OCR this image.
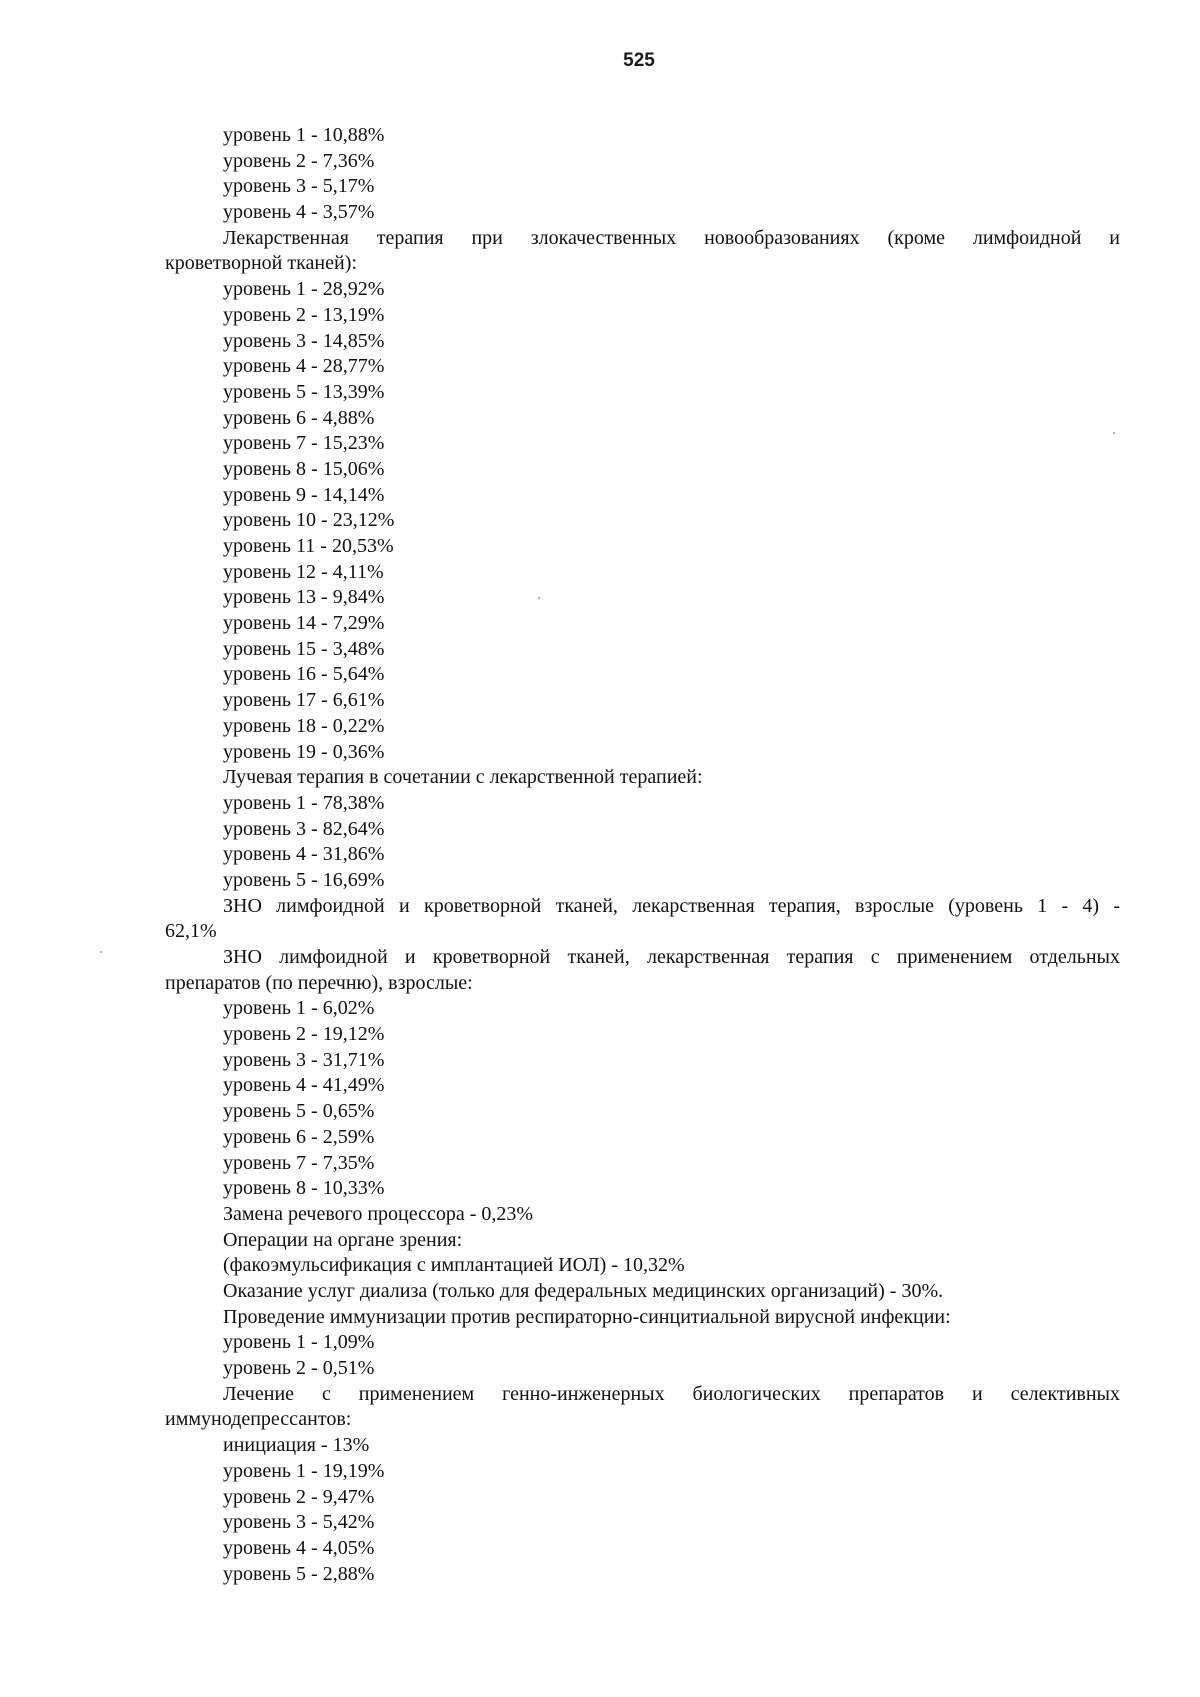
525
уровень 1 - 10,88%
уровень 2 - 7,36%
уровень 3 - 5,17%
уровень 4 - 3,57%
Лекарственная терапия при злокачественных новообразованиях (кроме лимфоидной и
кроветворной тканей):
уровень 1 - 28,92%
уровень 2 - 13,19%
уровень 3 - 14,85%
уровень 4 - 28,77%
уровень 5 - 13,39%
уровень 6 - 4,88%
уровень 7 - 15,23%
уровень 8 - 15,06%
уровень 9 - 14,14%
уровень 10 - 23,12%
уровень 11 - 20,53%
уровень 12 - 4,11%
уровень 13 - 9,84%
уровень 14 - 7,29%
уровень 15 - 3,48%
уровень 16 - 5,64%
уровень 17 - 6,61%
уровень 18 - 0,22%
уровень 19 - 0,36%
Лучевая терапия в сочетании с лекарственной терапией:
уровень 1 - 78,38%
уровень 3 - 82,64%
уровень 4 - 31,86%
уровень 5 - 16,69%
ЗНО лимфоидной и кроветворной тканей, лекарственная терапия, взрослые (уровень 1 - 4) -
62,1%
ЗНО лимфоидной и кроветворной тканей, лекарственная терапия с применением отдельных
препаратов (по перечню), взрослые:
уровень 1 - 6,02%
уровень 2 - 19,12%
уровень 3 - 31,71%
уровень 4 - 41,49%
уровень 5 - 0,65%
уровень 6 - 2,59%
уровень 7 - 7,35%
уровень 8 - 10,33%
Замена речевого процессора - 0,23%
Операции на органе зрения:
(факоэмульсификация с имплантацией ИОЛ) - 10,32%
Оказание услуг диализа (только для федеральных медицинских организаций) - 30%.
Проведение иммунизации против респираторно-синцитиальной вирусной инфекции:
уровень 1 - 1,09%
уровень 2 - 0,51%
Лечение с применением генно-инженерных биологических препаратов и селективных
иммунодепрессантов:
инициация - 13%
уровень 1 - 19,19%
уровень 2 - 9,47%
уровень 3 - 5,42%
уровень 4 - 4,05%
уровень 5 - 2,88%
